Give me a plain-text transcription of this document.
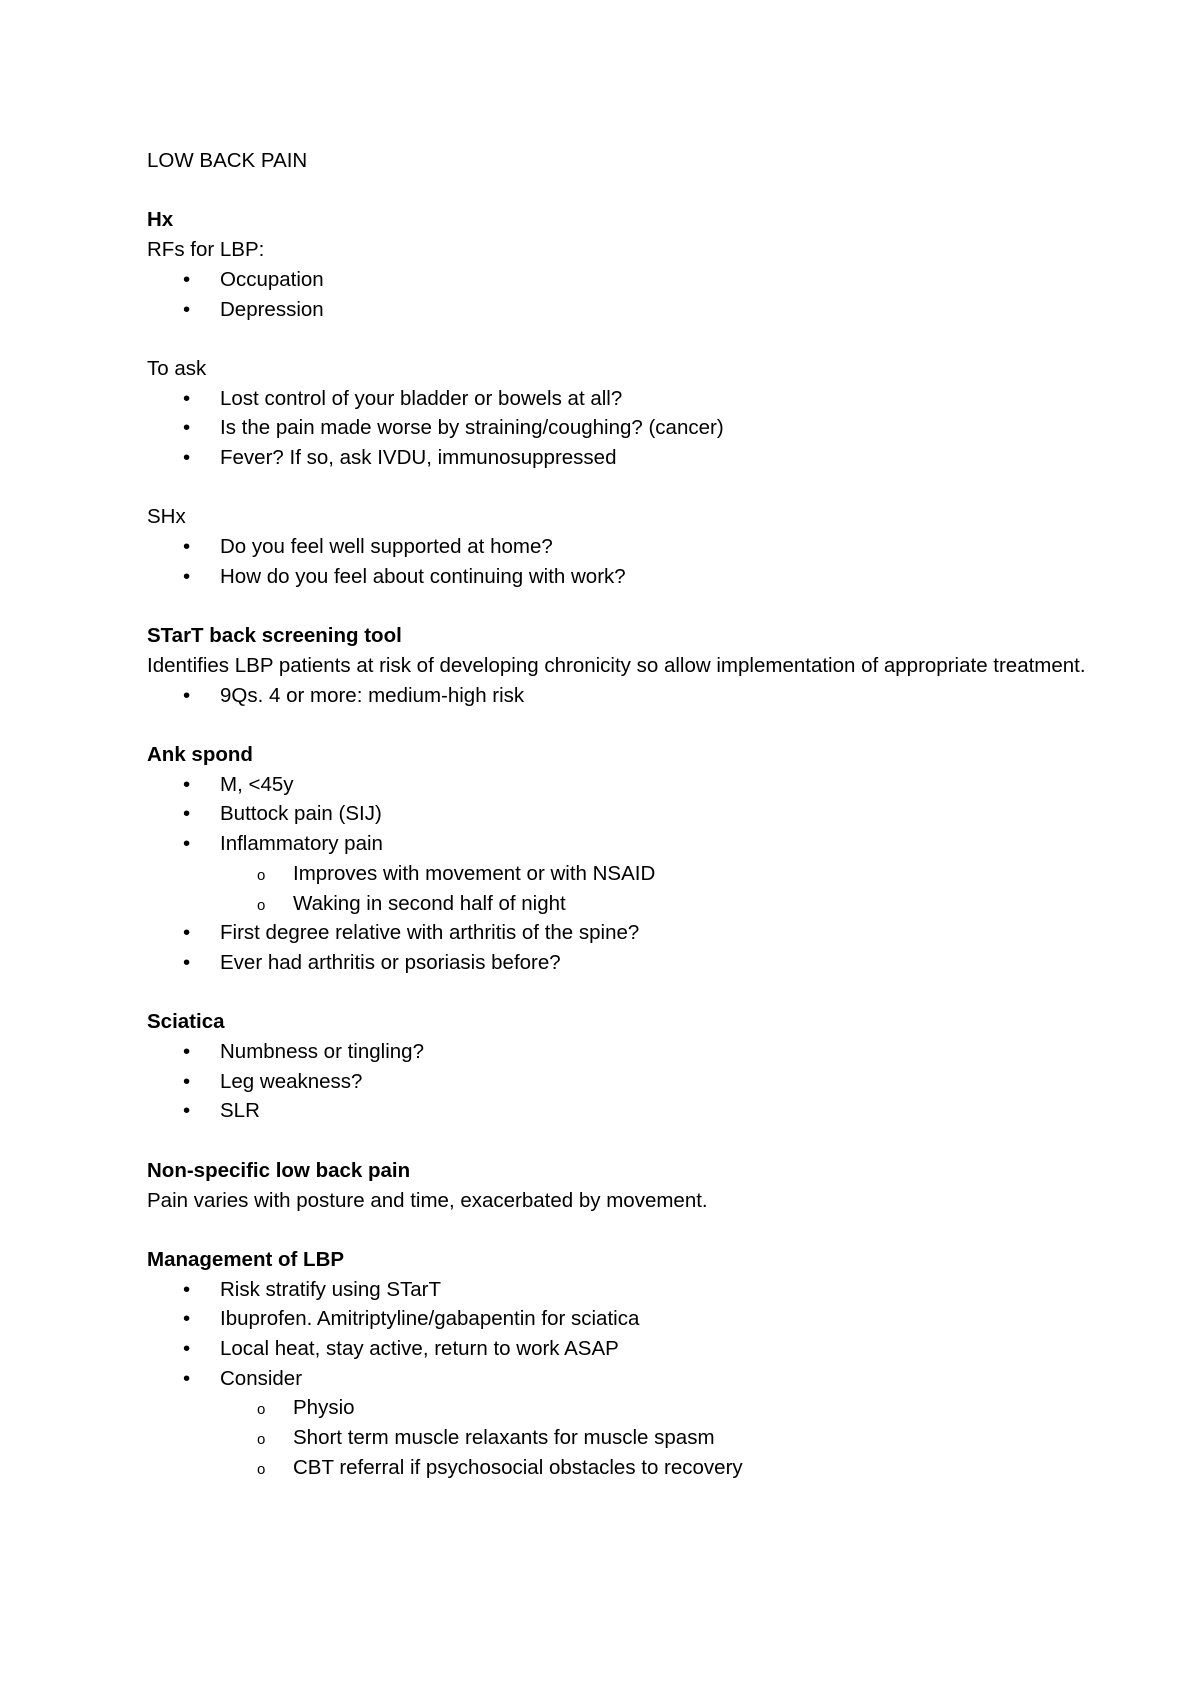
LOW BACK PAIN
Hx
RFs for LBP:
• Occupation
• Depression
To ask
• Lost control of your bladder or bowels at all?
• Is the pain made worse by straining/coughing? (cancer)
• Fever? If so, ask IVDU, immunosuppressed
SHx
• Do you feel well supported at home?
• How do you feel about continuing with work?
STarT back screening tool
Identifies LBP patients at risk of developing chronicity so allow implementation of appropriate treatment.
• 9Qs. 4 or more: medium-high risk
Ank spond
• M, <45y
• Buttock pain (SIJ)
• Inflammatory pain
o Improves with movement or with NSAID
o Waking in second half of night
• First degree relative with arthritis of the spine?
• Ever had arthritis or psoriasis before?
Sciatica
• Numbness or tingling?
• Leg weakness?
• SLR
Non-specific low back pain
Pain varies with posture and time, exacerbated by movement.
Management of LBP
• Risk stratify using STarT
• Ibuprofen. Amitriptyline/gabapentin for sciatica
• Local heat, stay active, return to work ASAP
• Consider
o Physio
o Short term muscle relaxants for muscle spasm
o CBT referral if psychosocial obstacles to recovery
